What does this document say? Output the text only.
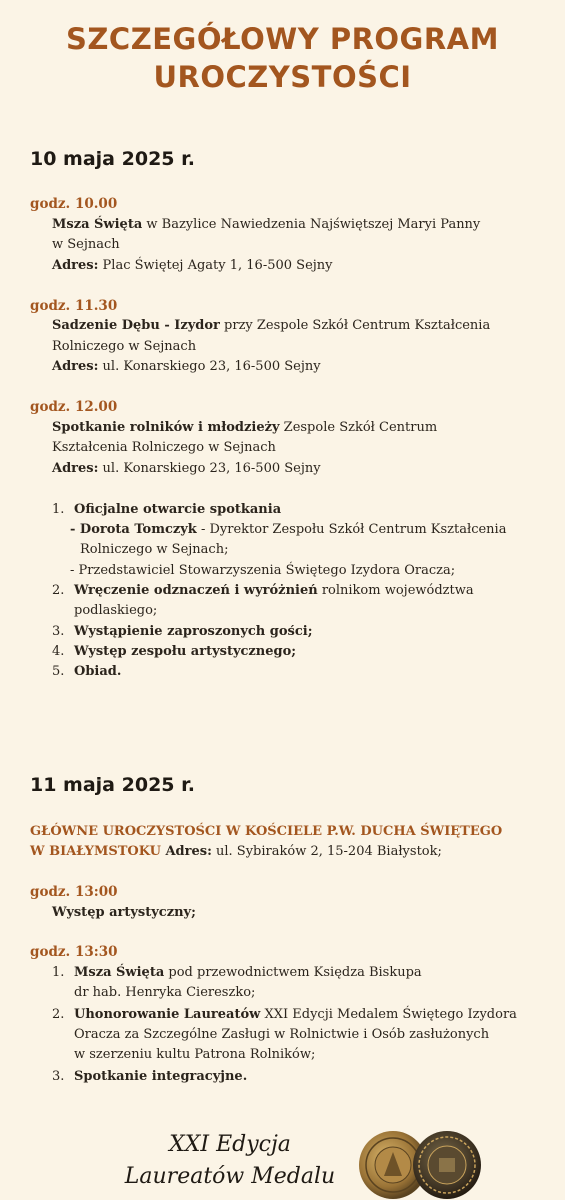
SZCZEGÓŁOWY PROGRAM
UROCZYSTOŚCI
10 maja 2025 r.
godz. 10.00
Msza Święta w Bazylice Nawiedzenia Najświętszej Maryi Panny
w Sejnach
Adres: Plac Świętej Agaty 1, 16-500 Sejny
godz. 11.30
Sadzenie Dębu - Izydor przy Zespole Szkół Centrum Kształcenia
Rolniczego w Sejnach
Adres: ul. Konarskiego 23, 16-500 Sejny
godz. 12.00
Spotkanie rolników i młodzieży Zespole Szkół Centrum
Kształcenia Rolniczego w Sejnach
Adres: ul. Konarskiego 23, 16-500 Sejny
1. Oficjalne otwarcie spotkania
- Dorota Tomczyk - Dyrektor Zespołu Szkół Centrum Kształcenia
Rolniczego w Sejnach;
- Przedstawiciel Stowarzyszenia Świętego Izydora Oracza;
2. Wręczenie odznaczeń i wyróżnień rolnikom województwa
podlaskiego;
3. Wystąpienie zaproszonych gości;
4. Występ zespołu artystycznego;
5. Obiad.
11 maja 2025 r.
GŁÓWNE UROCZYSTOŚCI W KOŚCIELE P.W. DUCHA ŚWIĘTEGO
W BIAŁYMSTOKU Adres: ul. Sybiraków 2, 15-204 Białystok;
godz. 13:00
Występ artystyczny;
godz. 13:30
1. Msza Święta pod przewodnictwem Księdza Biskupa
dr hab. Henryka Ciereszko;
2. Uhonorowanie Laureatów XXI Edycji Medalem Świętego Izydora
Oracza za Szczególne Zasługi w Rolnictwie i Osób zasłużonych
w szerzeniu kultu Patrona Rolników;
3. Spotkanie integracyjne.
XXI Edycja
Laureatów Medalu
